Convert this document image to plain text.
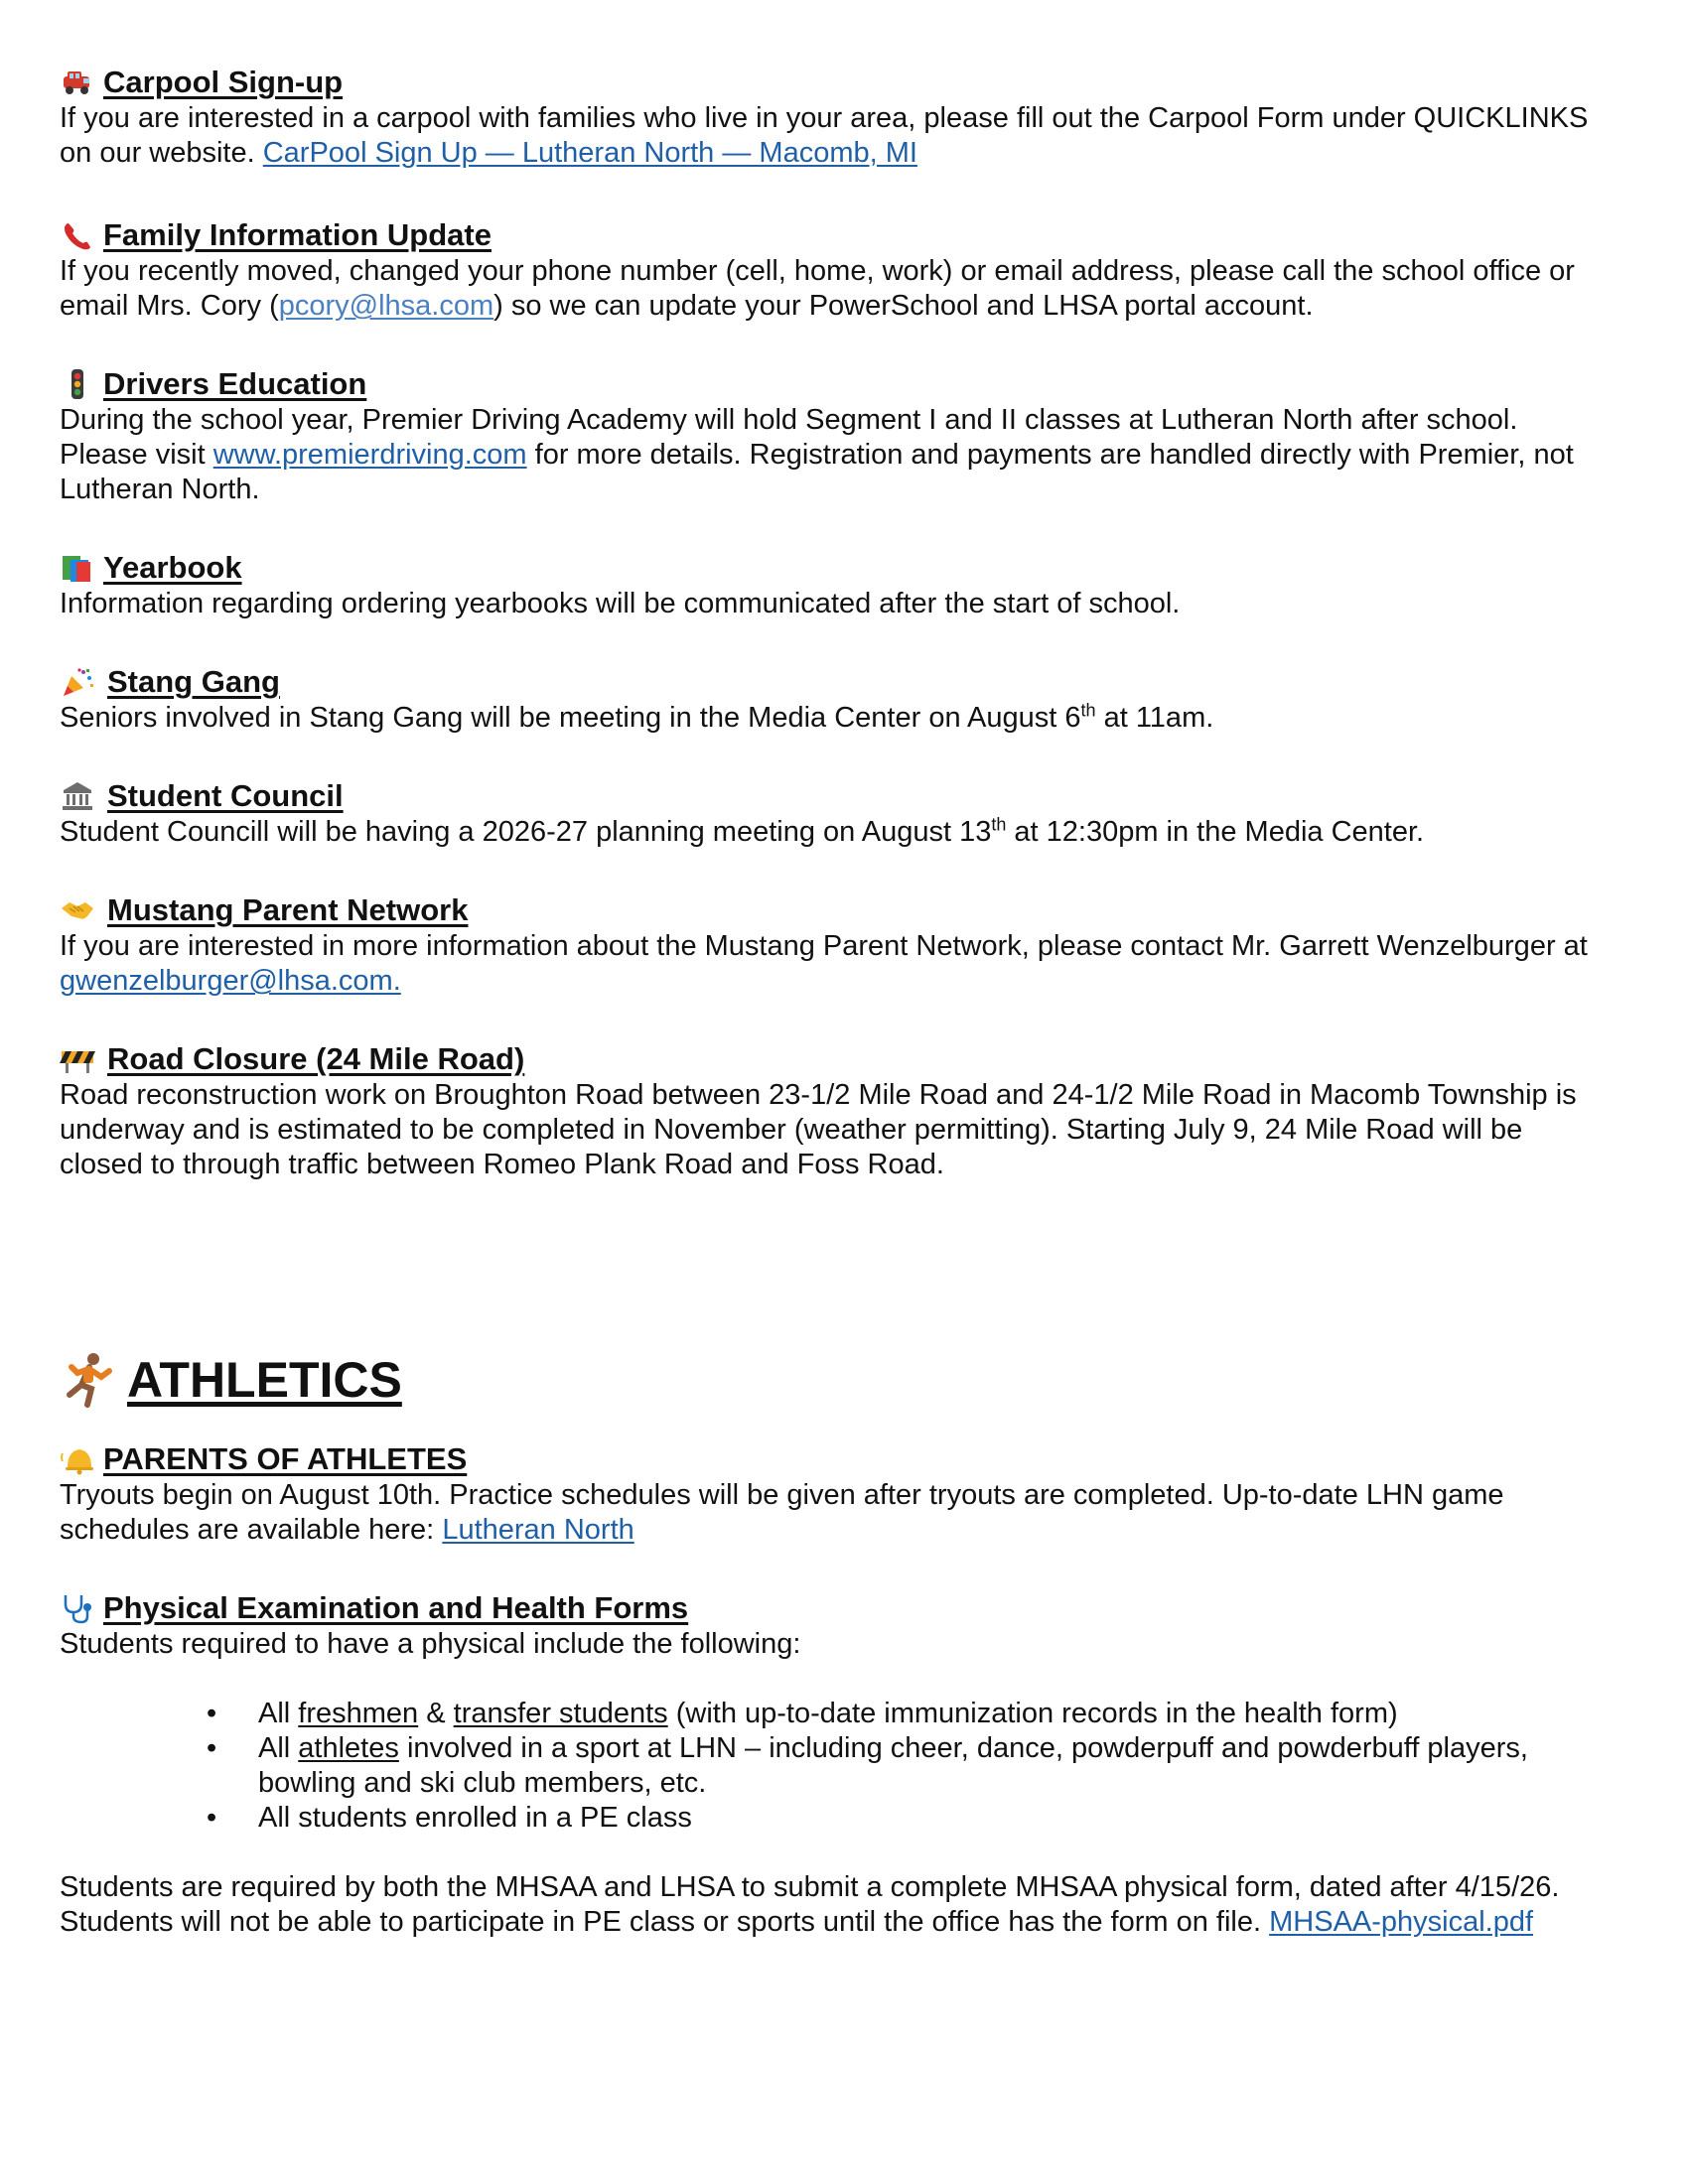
Carpool Sign-up

If you are interested in a carpool with families who live in your area, please fill out the Carpool Form under QUICKLINKS on our website. CarPool Sign Up — Lutheran North — Macomb, MI

Family Information Update

If you recently moved, changed your phone number (cell, home, work) or email address, please call the school office or email Mrs. Cory (pcory@lhsa.com) so we can update your PowerSchool and LHSA portal account.

Drivers Education

During the school year, Premier Driving Academy will hold Segment I and II classes at Lutheran North after school. Please visit www.premierdriving.com for more details. Registration and payments are handled directly with Premier, not Lutheran North.

Yearbook

Information regarding ordering yearbooks will be communicated after the start of school.

Stang Gang

Seniors involved in Stang Gang will be meeting in the Media Center on August 6th at 11am.

Student Council

Student Councill will be having a 2026-27 planning meeting on August 13th at 12:30pm in the Media Center.

Mustang Parent Network

If you are interested in more information about the Mustang Parent Network, please contact Mr. Garrett Wenzelburger at gwenzelburger@lhsa.com.

Road Closure (24 Mile Road)

Road reconstruction work on Broughton Road between 23-1/2 Mile Road and 24-1/2 Mile Road in Macomb Township is underway and is estimated to be completed in November (weather permitting). Starting July 9, 24 Mile Road will be closed to through traffic between Romeo Plank Road and Foss Road.

ATHLETICS
PARENTS OF ATHLETES

Tryouts begin on August 10th. Practice schedules will be given after tryouts are completed. Up-to-date LHN game schedules are available here: Lutheran North

Physical Examination and Health Forms

Students required to have a physical include the following:

• All freshmen & transfer students (with up-to-date immunization records in the health form)
• All athletes involved in a sport at LHN – including cheer, dance, powderpuff and powderbuff players, bowling and ski club members, etc.
• All students enrolled in a PE class

Students are required by both the MHSAA and LHSA to submit a complete MHSAA physical form, dated after 4/15/26. Students will not be able to participate in PE class or sports until the office has the form on file. MHSAA-physical.pdf
